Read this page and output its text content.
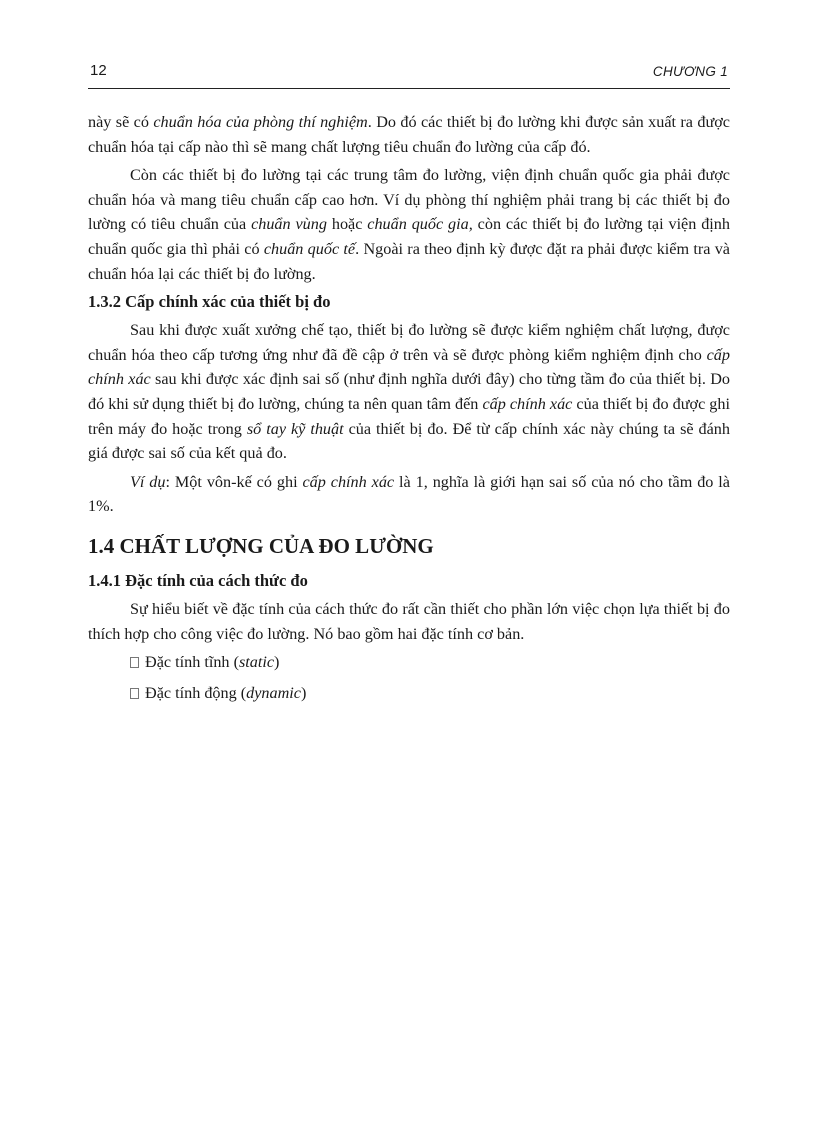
12	CHƯƠNG 1

này sẽ có chuẩn hóa của phòng thí nghiệm. Do đó các thiết bị đo lường khi được sản xuất ra được chuẩn hóa tại cấp nào thì sẽ mang chất lượng tiêu chuẩn đo lường của cấp đó.

Còn các thiết bị đo lường tại các trung tâm đo lường, viện định chuẩn quốc gia phải được chuẩn hóa và mang tiêu chuẩn cấp cao hơn. Ví dụ phòng thí nghiệm phải trang bị các thiết bị đo lường có tiêu chuẩn của chuẩn vùng hoặc chuẩn quốc gia, còn các thiết bị đo lường tại viện định chuẩn quốc gia thì phải có chuẩn quốc tế. Ngoài ra theo định kỳ được đặt ra phải được kiểm tra và chuẩn hóa lại các thiết bị đo lường.

1.3.2 Cấp chính xác của thiết bị đo

Sau khi được xuất xưởng chế tạo, thiết bị đo lường sẽ được kiểm nghiệm chất lượng, được chuẩn hóa theo cấp tương ứng như đã đề cập ở trên và sẽ được phòng kiểm nghiệm định cho cấp chính xác sau khi được xác định sai số (như định nghĩa dưới đây) cho từng tầm đo của thiết bị. Do đó khi sử dụng thiết bị đo lường, chúng ta nên quan tâm đến cấp chính xác của thiết bị đo được ghi trên máy đo hoặc trong sổ tay kỹ thuật của thiết bị đo. Để từ cấp chính xác này chúng ta sẽ đánh giá được sai số của kết quả đo.

Ví dụ: Một vôn-kế có ghi cấp chính xác là 1, nghĩa là giới hạn sai số của nó cho tầm đo là 1%.

1.4 CHẤT LƯỢNG CỦA ĐO LƯỜNG
1.4.1 Đặc tính của cách thức đo

Sự hiểu biết về đặc tính của cách thức đo rất cần thiết cho phần lớn việc chọn lựa thiết bị đo thích hợp cho công việc đo lường. Nó bao gồm hai đặc tính cơ bản.

Đặc tính tĩnh (static)
Đặc tính động (dynamic)
